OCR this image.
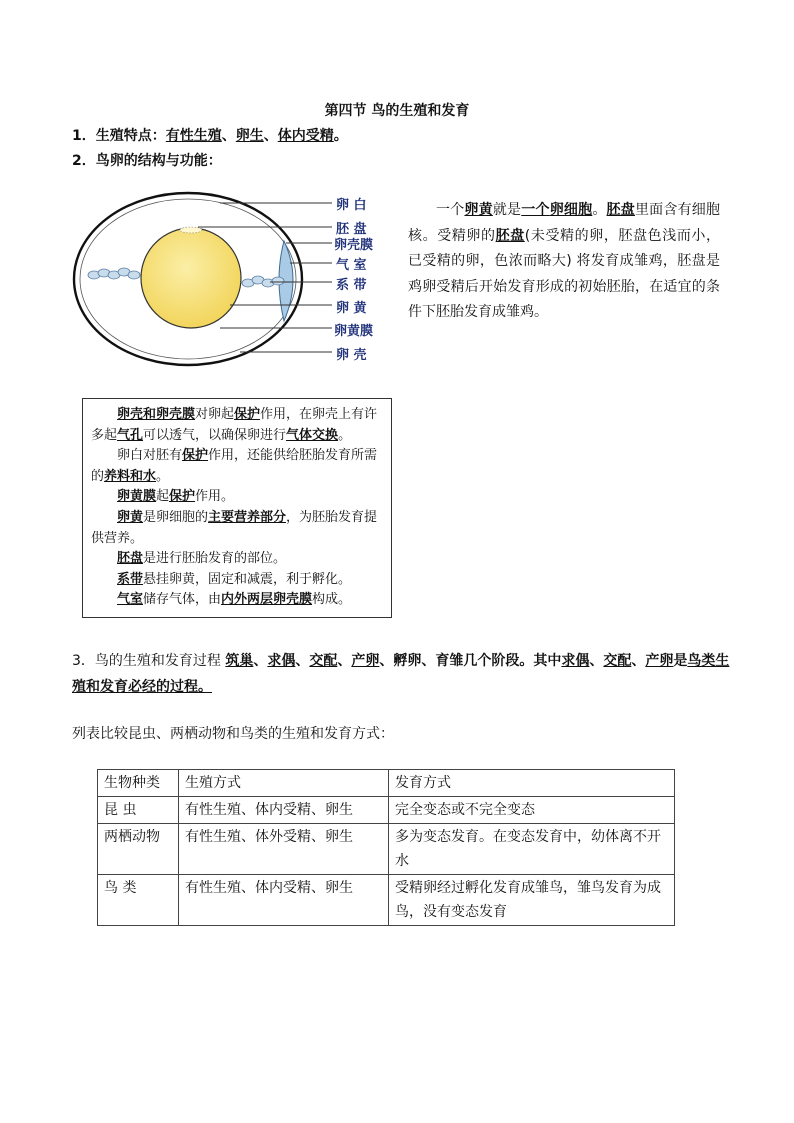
第四节 鸟的生殖和发育
1．生殖特点：有性生殖、卵生、体内受精。
2．鸟卵的结构与功能：
卵 白
胚 盘
卵壳膜
气 室
系 带
卵 黄
卵黄膜
卵 壳
一个卵黄就是一个卵细胞。胚盘里面含有细胞核。受精卵的胚盘(未受精的卵，胚盘色浅而小，已受精的卵，色浓而略大) 将发育成雏鸡，胚盘是鸡卵受精后开始发育形成的初始胚胎，在适宜的条件下胚胎发育成雏鸡。

卵壳和卵壳膜对卵起保护作用，在卵壳上有许多起气孔可以透气，以确保卵进行气体交换。

卵白对胚有保护作用，还能供给胚胎发育所需的养料和水。

卵黄膜起保护作用。

卵黄是卵细胞的主要营养部分，为胚胎发育提供营养。

胚盘是进行胚胎发育的部位。

系带悬挂卵黄，固定和减震，利于孵化。

气室储存气体，由内外两层卵壳膜构成。

3．鸟的生殖和发育过程 筑巢、求偶、交配、产卵、孵卵、育雏几个阶段。其中求偶、交配、产卵是鸟类生殖和发育必经的过程。
列表比较昆虫、两栖动物和鸟类的生殖和发育方式：
生物种类	生殖方式	发育方式
昆 虫	有性生殖、体内受精、卵生	完全变态或不完全变态
两栖动物	有性生殖、体外受精、卵生	多为变态发育。在变态发育中，幼体离不开水
鸟 类	有性生殖、体内受精、卵生	受精卵经过孵化发育成雏鸟，雏鸟发育为成鸟，没有变态发育
